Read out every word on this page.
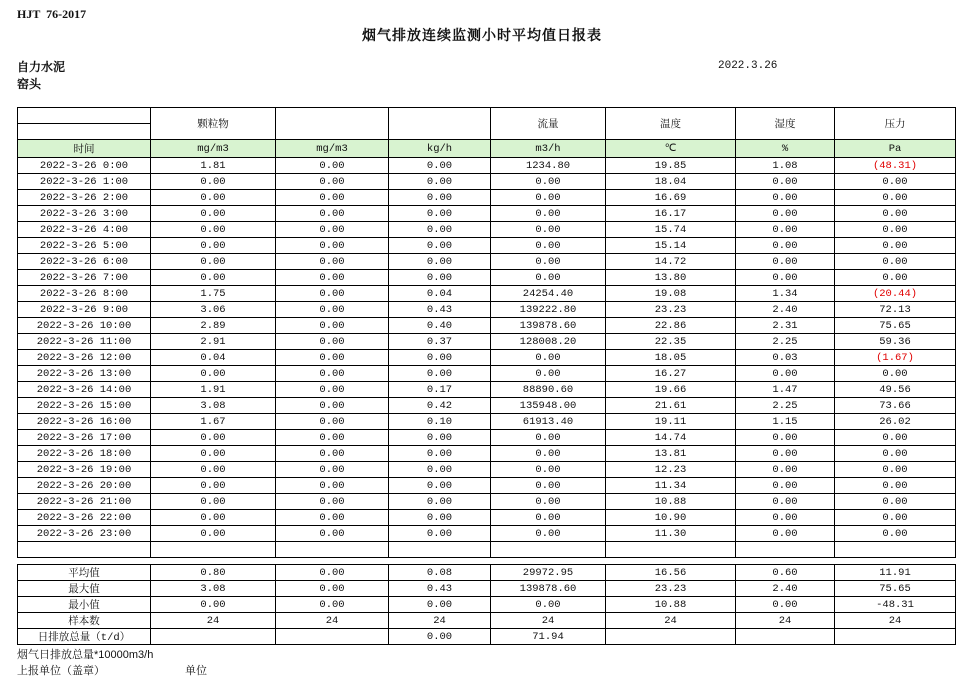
HJT  76-2017
烟气排放连续监测小时平均值日报表
自力水泥
窑头
2022.3.26
	颗粒物			流量	温度	湿度	压力

时间	mg/m3	mg/m3	kg/h	m3/h	℃	%	Pa
2022-3-26 0:00	1.81	0.00	0.00	1234.80	19.85	1.08	(48.31)
2022-3-26 1:00	0.00	0.00	0.00	0.00	18.04	0.00	0.00
2022-3-26 2:00	0.00	0.00	0.00	0.00	16.69	0.00	0.00
2022-3-26 3:00	0.00	0.00	0.00	0.00	16.17	0.00	0.00
2022-3-26 4:00	0.00	0.00	0.00	0.00	15.74	0.00	0.00
2022-3-26 5:00	0.00	0.00	0.00	0.00	15.14	0.00	0.00
2022-3-26 6:00	0.00	0.00	0.00	0.00	14.72	0.00	0.00
2022-3-26 7:00	0.00	0.00	0.00	0.00	13.80	0.00	0.00
2022-3-26 8:00	1.75	0.00	0.04	24254.40	19.08	1.34	(20.44)
2022-3-26 9:00	3.06	0.00	0.43	139222.80	23.23	2.40	72.13
2022-3-26 10:00	2.89	0.00	0.40	139878.60	22.86	2.31	75.65
2022-3-26 11:00	2.91	0.00	0.37	128008.20	22.35	2.25	59.36
2022-3-26 12:00	0.04	0.00	0.00	0.00	18.05	0.03	(1.67)
2022-3-26 13:00	0.00	0.00	0.00	0.00	16.27	0.00	0.00
2022-3-26 14:00	1.91	0.00	0.17	88890.60	19.66	1.47	49.56
2022-3-26 15:00	3.08	0.00	0.42	135948.00	21.61	2.25	73.66
2022-3-26 16:00	1.67	0.00	0.10	61913.40	19.11	1.15	26.02
2022-3-26 17:00	0.00	0.00	0.00	0.00	14.74	0.00	0.00
2022-3-26 18:00	0.00	0.00	0.00	0.00	13.81	0.00	0.00
2022-3-26 19:00	0.00	0.00	0.00	0.00	12.23	0.00	0.00
2022-3-26 20:00	0.00	0.00	0.00	0.00	11.34	0.00	0.00
2022-3-26 21:00	0.00	0.00	0.00	0.00	10.88	0.00	0.00
2022-3-26 22:00	0.00	0.00	0.00	0.00	10.90	0.00	0.00
2022-3-26 23:00	0.00	0.00	0.00	0.00	11.30	0.00	0.00

平均值	0.80	0.00	0.08	29972.95	16.56	0.60	11.91
最大值	3.08	0.00	0.43	139878.60	23.23	2.40	75.65
最小值	0.00	0.00	0.00	0.00	10.88	0.00	-48.31
样本数	24	24	24	24	24	24	24
日排放总量（t/d）			0.00	71.94			
烟气日排放总量*10000m3/h
上报单位（盖章）	单位
